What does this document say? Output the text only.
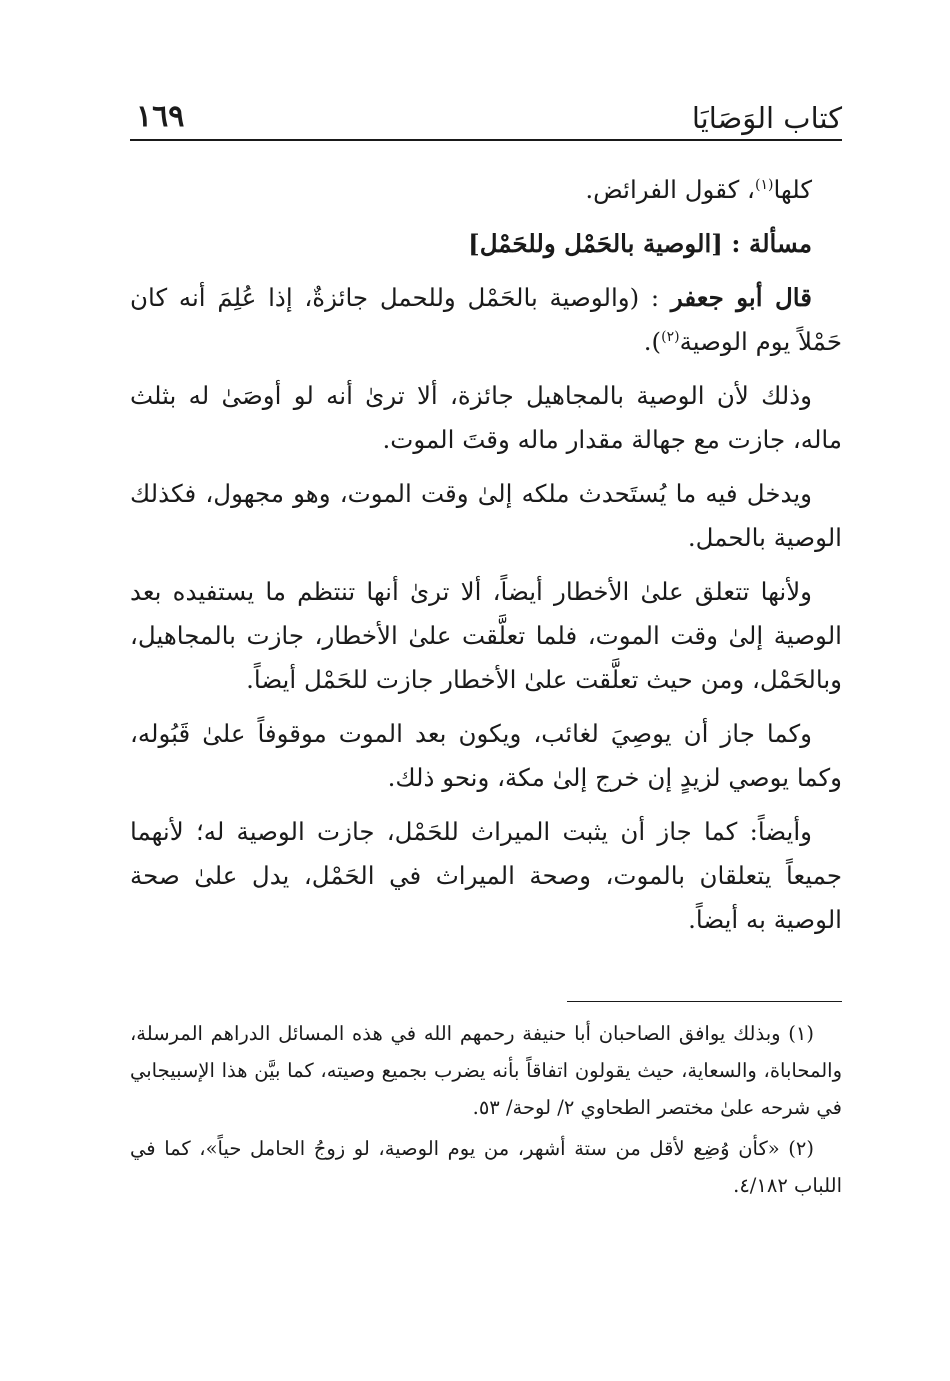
كتاب الوَصَايَا
١٦٩

كلها$^{(١)}$، كقول الفرائض.

مسألة : [الوصية بالحَمْل وللحَمْل]

قال أبو جعفر : (والوصية بالحَمْل وللحمل جائزةٌ، إذا عُلِمَ أنه كان حَمْلاً يوم الوصية$^{(٢)}$).

وذلك لأن الوصية بالمجاهيل جائزة، ألا ترىٰ أنه لو أوصَىٰ له بثلث ماله، جازت مع جهالة مقدار ماله وقتَ الموت.

ويدخل فيه ما يُستَحدث ملكه إلىٰ وقت الموت، وهو مجهول، فكذلك الوصية بالحمل.

ولأنها تتعلق علىٰ الأخطار أيضاً، ألا ترىٰ أنها تنتظم ما يستفيده بعد الوصية إلىٰ وقت الموت، فلما تعلَّقت علىٰ الأخطار، جازت بالمجاهيل، وبالحَمْل، ومن حيث تعلَّقت علىٰ الأخطار جازت للحَمْل أيضاً.

وكما جاز أن يوصِيَ لغائب، ويكون بعد الموت موقوفاً علىٰ قَبُوله، وكما يوصي لزيدٍ إن خرج إلىٰ مكة، ونحو ذلك.

وأيضاً: كما جاز أن يثبت الميراث للحَمْل، جازت الوصية له؛ لأنهما جميعاً يتعلقان بالموت، وصحة الميراث في الحَمْل، يدل علىٰ صحة الوصية به أيضاً.

(١) وبذلك يوافق الصاحبان أبا حنيفة رحمهم الله في هذه المسائل الدراهم المرسلة، والمحاباة، والسعاية، حيث يقولون اتفاقاً بأنه يضرب بجميع وصيته، كما بيَّن هذا الإسبيجابي في شرحه علىٰ مختصر الطحاوي ٢/ لوحة/ ٥٣.

(٢) «كأن وُضِع لأقل من ستة أشهر، من يوم الوصية، لو زوجُ الحامل حياً»، كما في اللباب ٤/١٨٢.
